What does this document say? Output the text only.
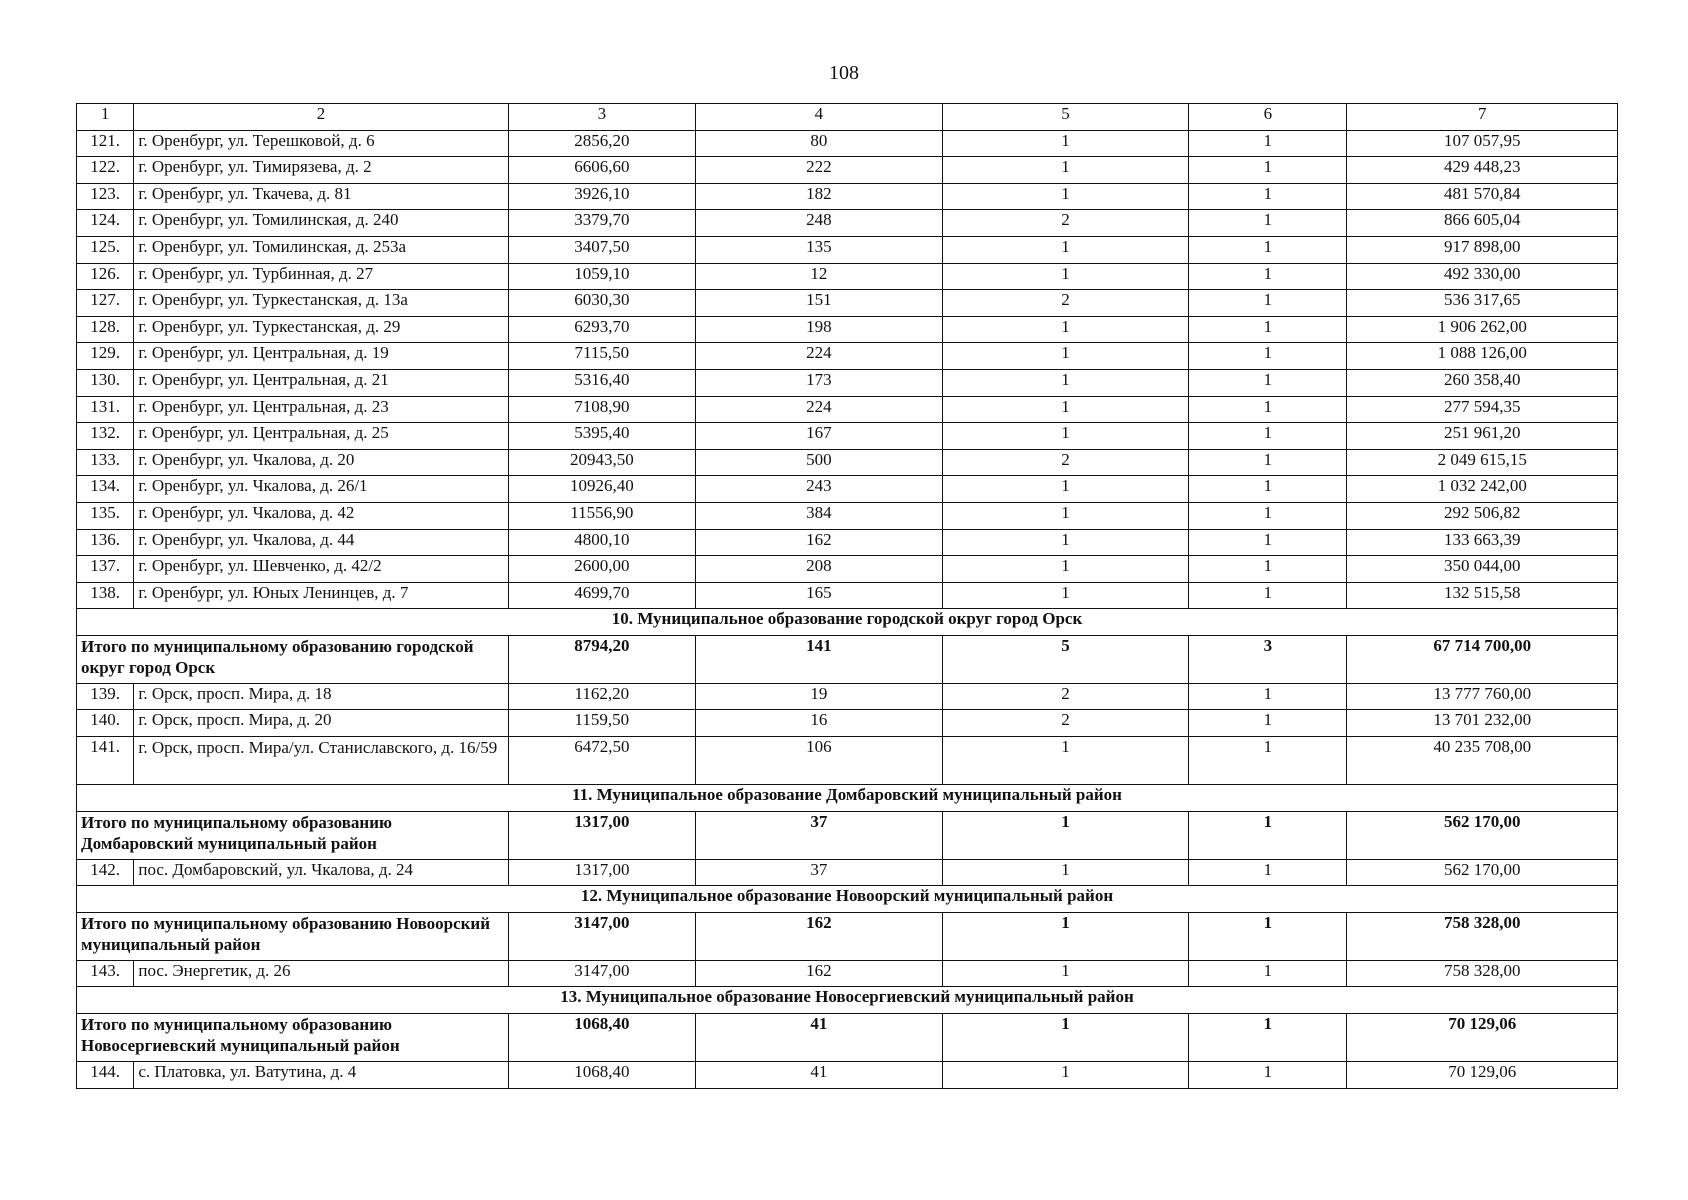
108
1	2	3	4	5	6	7
121.	г. Оренбург, ул. Терешковой, д. 6	2856,20	80	1	1	107 057,95
122.	г. Оренбург, ул. Тимирязева, д. 2	6606,60	222	1	1	429 448,23
123.	г. Оренбург, ул. Ткачева, д. 81	3926,10	182	1	1	481 570,84
124.	г. Оренбург, ул. Томилинская, д. 240	3379,70	248	2	1	866 605,04
125.	г. Оренбург, ул. Томилинская, д. 253а	3407,50	135	1	1	917 898,00
126.	г. Оренбург, ул. Турбинная, д. 27	1059,10	12	1	1	492 330,00
127.	г. Оренбург, ул. Туркестанская, д. 13а	6030,30	151	2	1	536 317,65
128.	г. Оренбург, ул. Туркестанская, д. 29	6293,70	198	1	1	1 906 262,00
129.	г. Оренбург, ул. Центральная, д. 19	7115,50	224	1	1	1 088 126,00
130.	г. Оренбург, ул. Центральная, д. 21	5316,40	173	1	1	260 358,40
131.	г. Оренбург, ул. Центральная, д. 23	7108,90	224	1	1	277 594,35
132.	г. Оренбург, ул. Центральная, д. 25	5395,40	167	1	1	251 961,20
133.	г. Оренбург, ул. Чкалова, д. 20	20943,50	500	2	1	2 049 615,15
134.	г. Оренбург, ул. Чкалова, д. 26/1	10926,40	243	1	1	1 032 242,00
135.	г. Оренбург, ул. Чкалова, д. 42	11556,90	384	1	1	292 506,82
136.	г. Оренбург, ул. Чкалова, д. 44	4800,10	162	1	1	133 663,39
137.	г. Оренбург, ул. Шевченко, д. 42/2	2600,00	208	1	1	350 044,00
138.	г. Оренбург, ул. Юных Ленинцев, д. 7	4699,70	165	1	1	132 515,58
10. Муниципальное образование городской округ город Орск						
Итого по муниципальному образованию городской округ город Орск		8794,20	141	5	3	67 714 700,00
139.	г. Орск, просп. Мира, д. 18	1162,20	19	2	1	13 777 760,00
140.	г. Орск, просп. Мира, д. 20	1159,50	16	2	1	13 701 232,00
141.	г. Орск, просп. Мира/ул. Станиславского, д. 16/59	6472,50	106	1	1	40 235 708,00
11. Муниципальное образование Домбаровский муниципальный район						
Итого по муниципальному образованию Домбаровский муниципальный район		1317,00	37	1	1	562 170,00
142.	пос. Домбаровский, ул. Чкалова, д. 24	1317,00	37	1	1	562 170,00
12. Муниципальное образование Новоорский муниципальный район						
Итого по муниципальному образованию Новоорский муниципальный район		3147,00	162	1	1	758 328,00
143.	пос. Энергетик, д. 26	3147,00	162	1	1	758 328,00
13. Муниципальное образование Новосергиевский муниципальный район						
Итого по муниципальному образованию Новосергиевский муниципальный район		1068,40	41	1	1	70 129,06
144.	с. Платовка, ул. Ватутина, д. 4	1068,40	41	1	1	70 129,06
